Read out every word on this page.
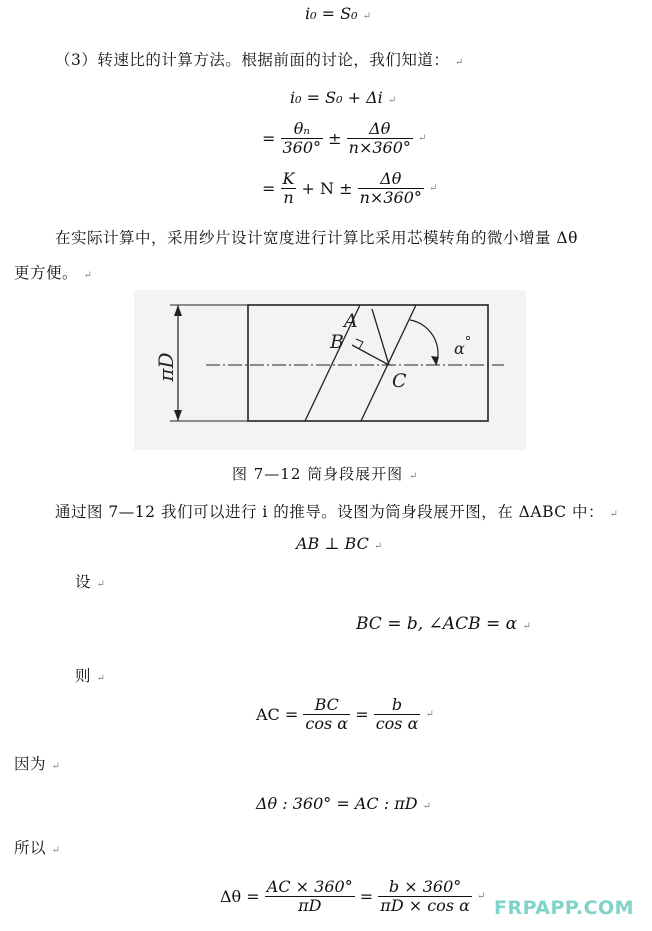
i₀ = S₀ ↵
（3）转速比的计算方法。根据前面的讨论，我们知道： ↵
i₀ = S₀ + Δi ↵
= $\frac{\text{θₙ}}{360^\circ} \pm \frac{\Delta\theta}{n\times 360^\circ}$ ↵
= $\frac{K}{n} + N \pm \frac{\Delta\theta}{n\times 360^\circ}$ ↵
在实际计算中，采用纱片设计宽度进行计算比采用芯模转角的微小增量 Δθ
更方便。 ↵
πD
A
B
C
α
图 7—12 筒身段展开图 ↵
通过图 7—12 我们可以进行 i 的推导。设图为筒身段展开图，在 ΔABC 中： ↵
AB ⊥ BC ↵
设 ↵
BC = b, ∠ACB = α ↵
则 ↵
AC = $\frac{BC}{\text{cos α}} = \frac{b}{\text{cos α}}$ ↵
因为 ↵
Δθ : 360° = AC : πD ↵
所以 ↵
$\Delta\theta = \frac{AC \times 360^\circ}{\pi D} = \frac{b \times 360^\circ}{\text{πD × cos α}}$ ↵
FRPAPP.COM
